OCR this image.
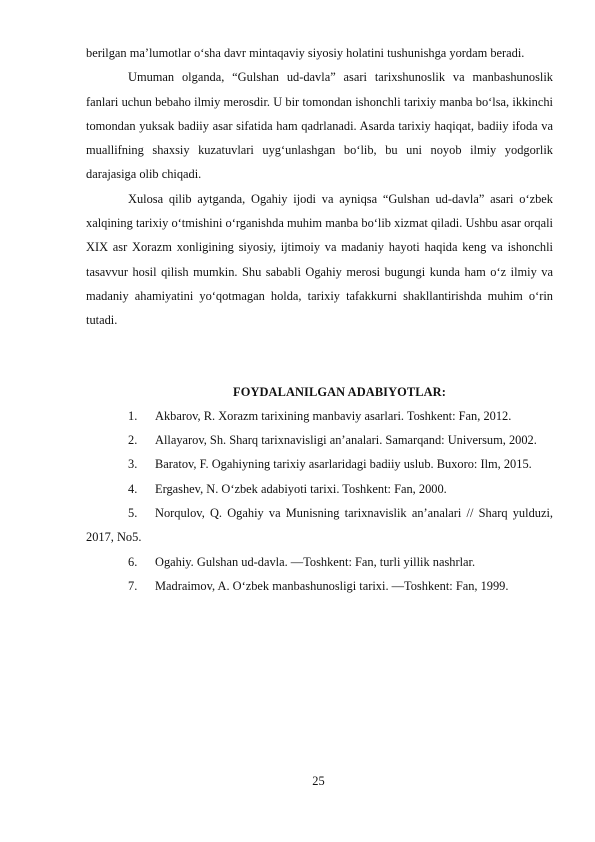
berilgan ma’lumotlar o‘sha davr mintaqaviy siyosiy holatini tushunishga yordam beradi.

Umuman olganda, “Gulshan ud-davla” asari tarixshunoslik va manbashunoslik fanlari uchun bebaho ilmiy merosdir. U bir tomondan ishonchli tarixiy manba bo‘lsa, ikkinchi tomondan yuksak badiiy asar sifatida ham qadrlanadi. Asarda tarixiy haqiqat, badiiy ifoda va muallifning shaxsiy kuzatuvlari uyg‘unlashgan bo‘lib, bu uni noyob ilmiy yodgorlik darajasiga olib chiqadi.

Xulosa qilib aytganda, Ogahiy ijodi va ayniqsa “Gulshan ud-davla” asari o‘zbek xalqining tarixiy o‘tmishini o‘rganishda muhim manba bo‘lib xizmat qiladi. Ushbu asar orqali XIX asr Xorazm xonligining siyosiy, ijtimoiy va madaniy hayoti haqida keng va ishonchli tasavvur hosil qilish mumkin. Shu sababli Ogahiy merosi bugungi kunda ham o‘z ilmiy va madaniy ahamiyatini yo‘qotmagan holda, tarixiy tafakkurni shakllantirishda muhim o‘rin tutadi.

FOYDALANILGAN ADABIYOTLAR:
1. Akbarov, R. Xorazm tarixining manbaviy asarlari. Toshkent: Fan, 2012.
2. Allayarov, Sh. Sharq tarixnavisligi an’analari. Samarqand: Universum, 2002.
3. Baratov, F. Ogahiyning tarixiy asarlaridagi badiiy uslub. Buxoro: Ilm, 2015.
4. Ergashev, N. O‘zbek adabiyoti tarixi. Toshkent: Fan, 2000.
5. Norqulov, Q. Ogahiy va Munisning tarixnavislik an’analari // Sharq yulduzi, 2017, No5.
6. Ogahiy. Gulshan ud-davla. —Toshkent: Fan, turli yillik nashrlar.
7. Madraimov, A. O‘zbek manbashunosligi tarixi. —Toshkent: Fan, 1999.
25
